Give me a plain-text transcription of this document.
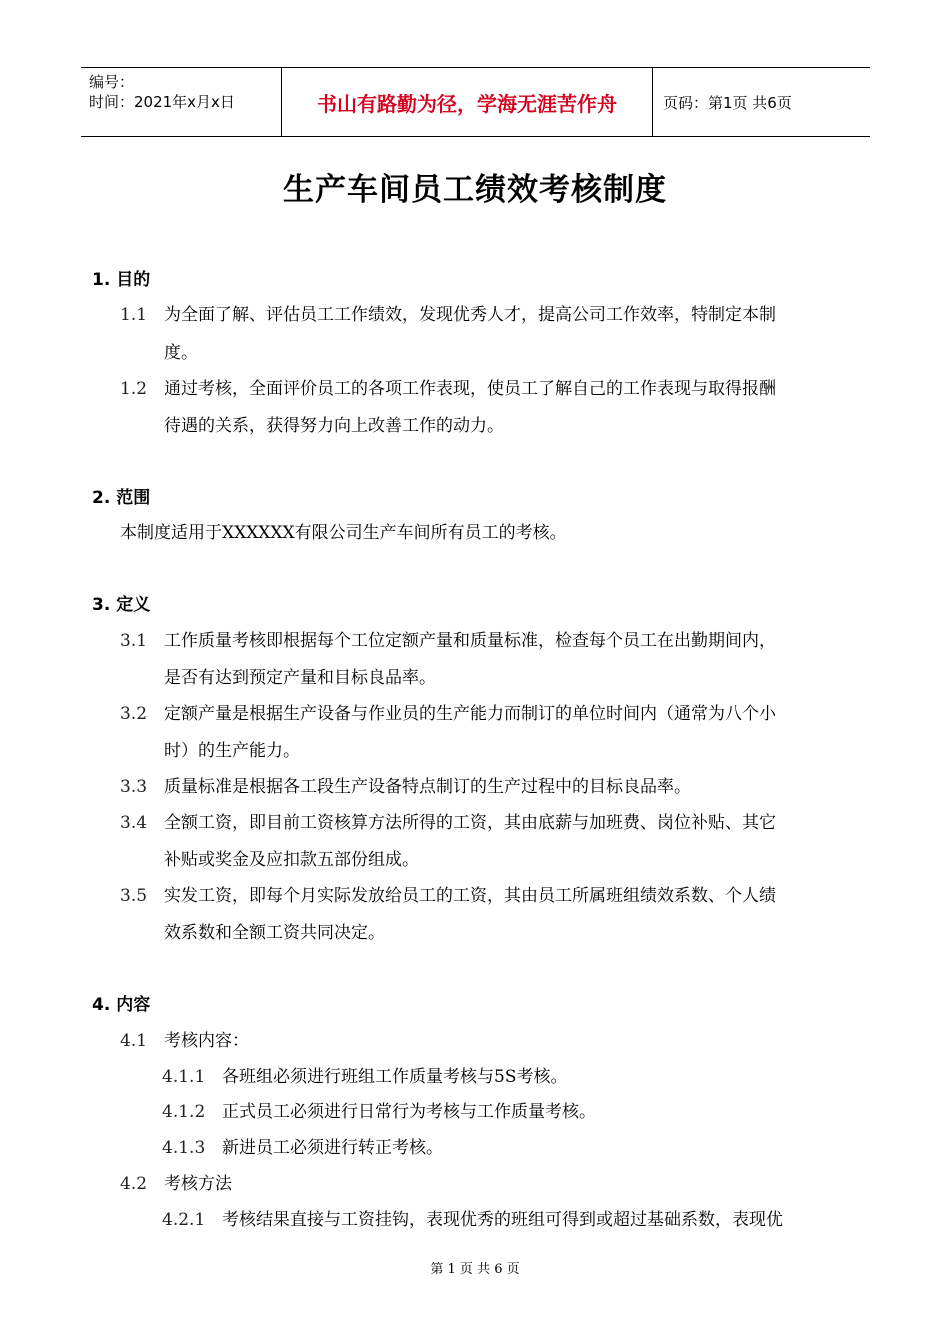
编号：
时间：2021年x月x日	书山有路勤为径，学海无涯苦作舟	页码：第1页 共6页
生产车间员工绩效考核制度
1. 目的
1.1 为全面了解、评估员工工作绩效，发现优秀人才，提高公司工作效率，特制定本制
度。
1.2 通过考核，全面评价员工的各项工作表现，使员工了解自己的工作表现与取得报酬
待遇的关系，获得努力向上改善工作的动力。
2. 范围
本制度适用于XXXXXX有限公司生产车间所有员工的考核。
3. 定义
3.1 工作质量考核即根据每个工位定额产量和质量标准，检查每个员工在出勤期间内，
是否有达到预定产量和目标良品率。
3.2 定额产量是根据生产设备与作业员的生产能力而制订的单位时间内（通常为八个小
时）的生产能力。
3.3 质量标准是根据各工段生产设备特点制订的生产过程中的目标良品率。
3.4 全额工资，即目前工资核算方法所得的工资，其由底薪与加班费、岗位补贴、其它
补贴或奖金及应扣款五部份组成。
3.5 实发工资，即每个月实际发放给员工的工资，其由员工所属班组绩效系数、个人绩
效系数和全额工资共同决定。
4. 内容
4.1 考核内容：
4.1.1 各班组必须进行班组工作质量考核与5S考核。
4.1.2 正式员工必须进行日常行为考核与工作质量考核。
4.1.3 新进员工必须进行转正考核。
4.2 考核方法
4.2.1 考核结果直接与工资挂钩，表现优秀的班组可得到或超过基础系数，表现优
第 1 页 共 6 页
